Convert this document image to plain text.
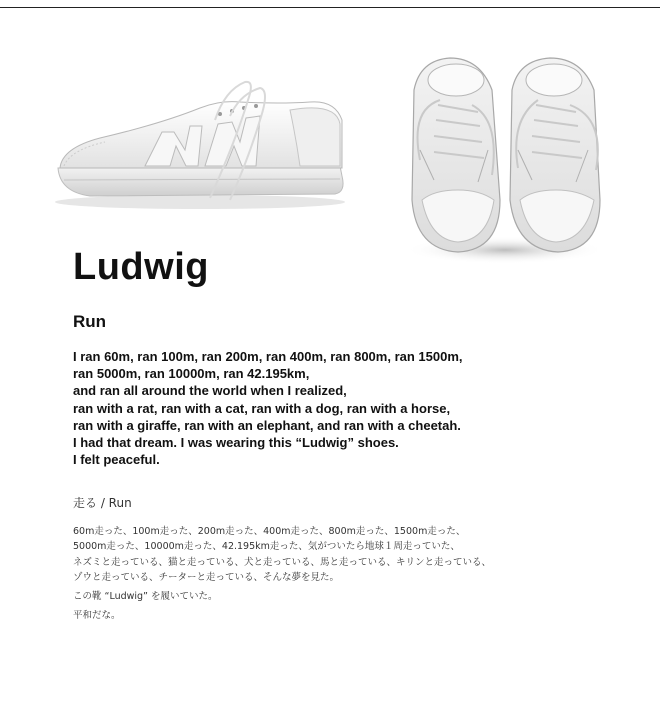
Ludwig
Run

I ran 60m, ran 100m, ran 200m, ran 400m, ran 800m, ran 1500m,
ran 5000m, ran 10000m, ran 42.195km,
and ran all around the world when I realized,
ran with a rat, ran with a cat, ran with a dog, ran with a horse,
ran with a giraffe, ran with an elephant, and ran with a cheetah.
I had that dream. I was wearing this “Ludwig” shoes.
I felt peaceful.

走る / Run

60m走った、100m走った、200m走った、400m走った、800m走った、1500m走った、
5000m走った、10000m走った、42.195km走った、気がついたら地球１周走っていた、
ネズミと走っている、猫と走っている、犬と走っている、馬と走っている、キリンと走っている、
ゾウと走っている、チーターと走っている、そんな夢を見た。
この靴 “Ludwig” を履いていた。
平和だな。
